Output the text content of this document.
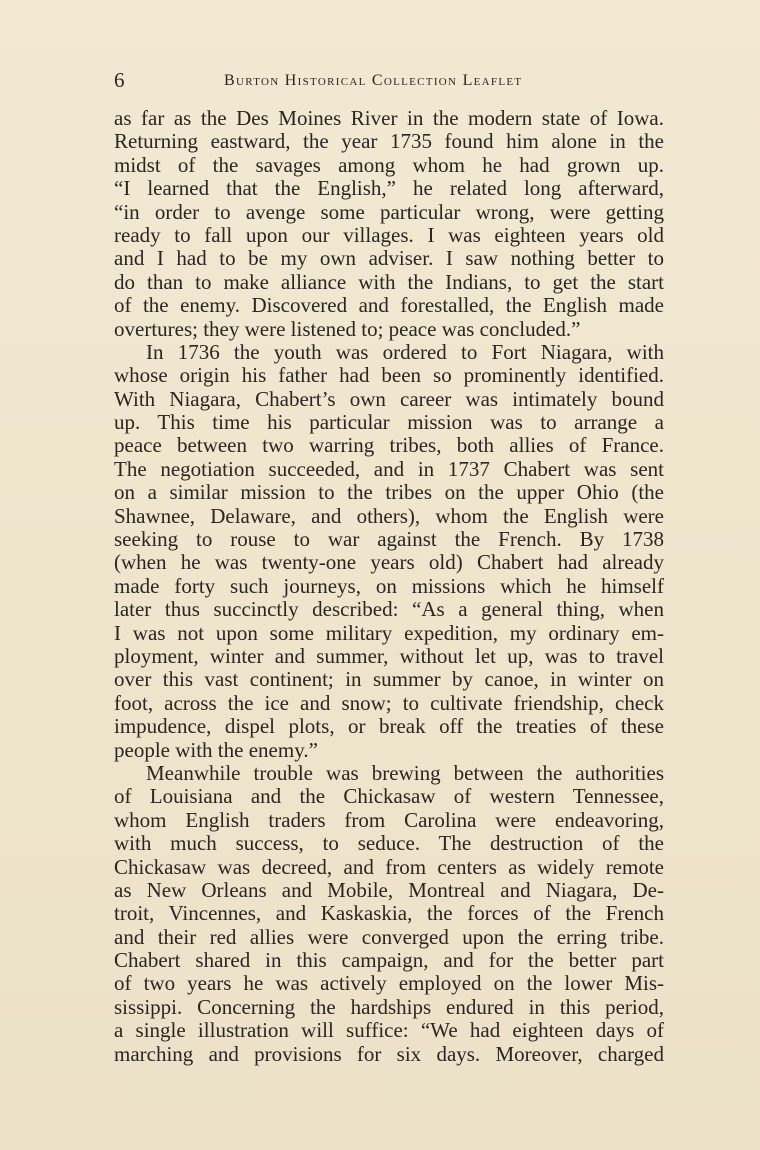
6	Burton Historical Collection Leaflet
as far as the Des Moines River in the modern state of Iowa.
Returning eastward, the year 1735 found him alone in the
midst of the savages among whom he had grown up.
“I learned that the English,” he related long afterward,
“in order to avenge some particular wrong, were getting
ready to fall upon our villages. I was eighteen years old
and I had to be my own adviser. I saw nothing better to
do than to make alliance with the Indians, to get the start
of the enemy. Discovered and forestalled, the English made
overtures; they were listened to; peace was concluded.”
In 1736 the youth was ordered to Fort Niagara, with
whose origin his father had been so prominently identified.
With Niagara, Chabert’s own career was intimately bound
up. This time his particular mission was to arrange a
peace between two warring tribes, both allies of France.
The negotiation succeeded, and in 1737 Chabert was sent
on a similar mission to the tribes on the upper Ohio (the
Shawnee, Delaware, and others), whom the English were
seeking to rouse to war against the French. By 1738
(when he was twenty-one years old) Chabert had already
made forty such journeys, on missions which he himself
later thus succinctly described: “As a general thing, when
I was not upon some military expedition, my ordinary em-
ployment, winter and summer, without let up, was to travel
over this vast continent; in summer by canoe, in winter on
foot, across the ice and snow; to cultivate friendship, check
impudence, dispel plots, or break off the treaties of these
people with the enemy.”
Meanwhile trouble was brewing between the authorities
of Louisiana and the Chickasaw of western Tennessee,
whom English traders from Carolina were endeavoring,
with much success, to seduce. The destruction of the
Chickasaw was decreed, and from centers as widely remote
as New Orleans and Mobile, Montreal and Niagara, De-
troit, Vincennes, and Kaskaskia, the forces of the French
and their red allies were converged upon the erring tribe.
Chabert shared in this campaign, and for the better part
of two years he was actively employed on the lower Mis-
sissippi. Concerning the hardships endured in this period,
a single illustration will suffice: “We had eighteen days of
marching and provisions for six days. Moreover, charged
